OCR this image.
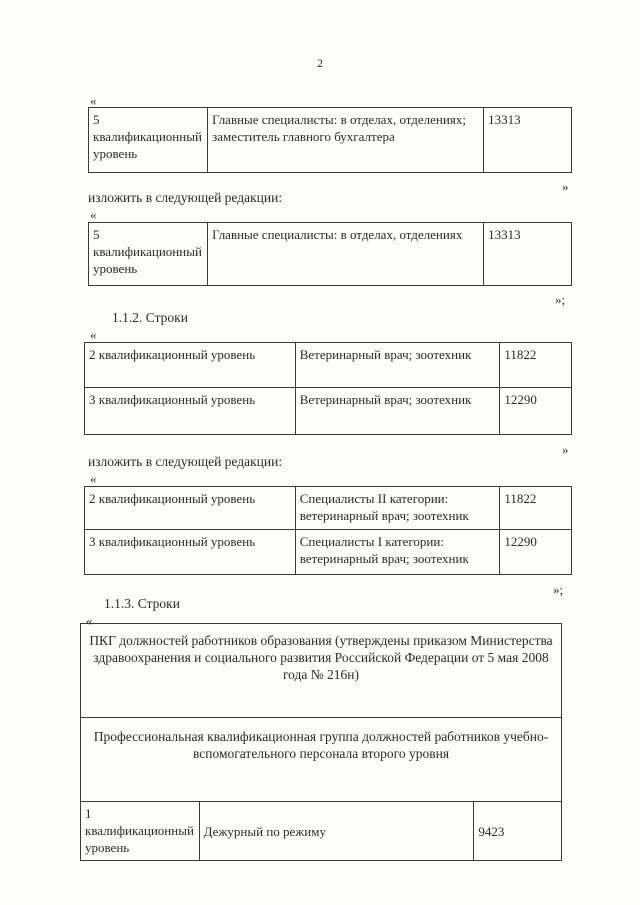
2
«
5 квалификационный уровень	Главные специалисты: в отделах, отделениях; заместитель главного бухгалтера	13313
»
изложить в следующей редакции:
«
5 квалификационный уровень	Главные специалисты: в отделах, отделениях	13313
»;
1.1.2. Строки
«
2 квалификационный уровень	Ветеринарный врач; зоотехник	11822
3 квалификационный уровень	Ветеринарный врач; зоотехник	12290
»
изложить в следующей редакции:
«
2 квалификационный уровень	Специалисты II категории: ветеринарный врач; зоотехник	11822
3 квалификационный уровень	Специалисты I категории: ветеринарный врач; зоотехник	12290
»;
1.1.3. Строки
«
ПКГ должностей работников образования (утверждены приказом Министерства здравоохранения и социального развития Российской Федерации от 5 мая 2008 года № 216н)
Профессиональная квалификационная группа должностей работников учебно-вспомогательного персонала второго уровня
1 квалификационный уровень	Дежурный по режиму	9423
